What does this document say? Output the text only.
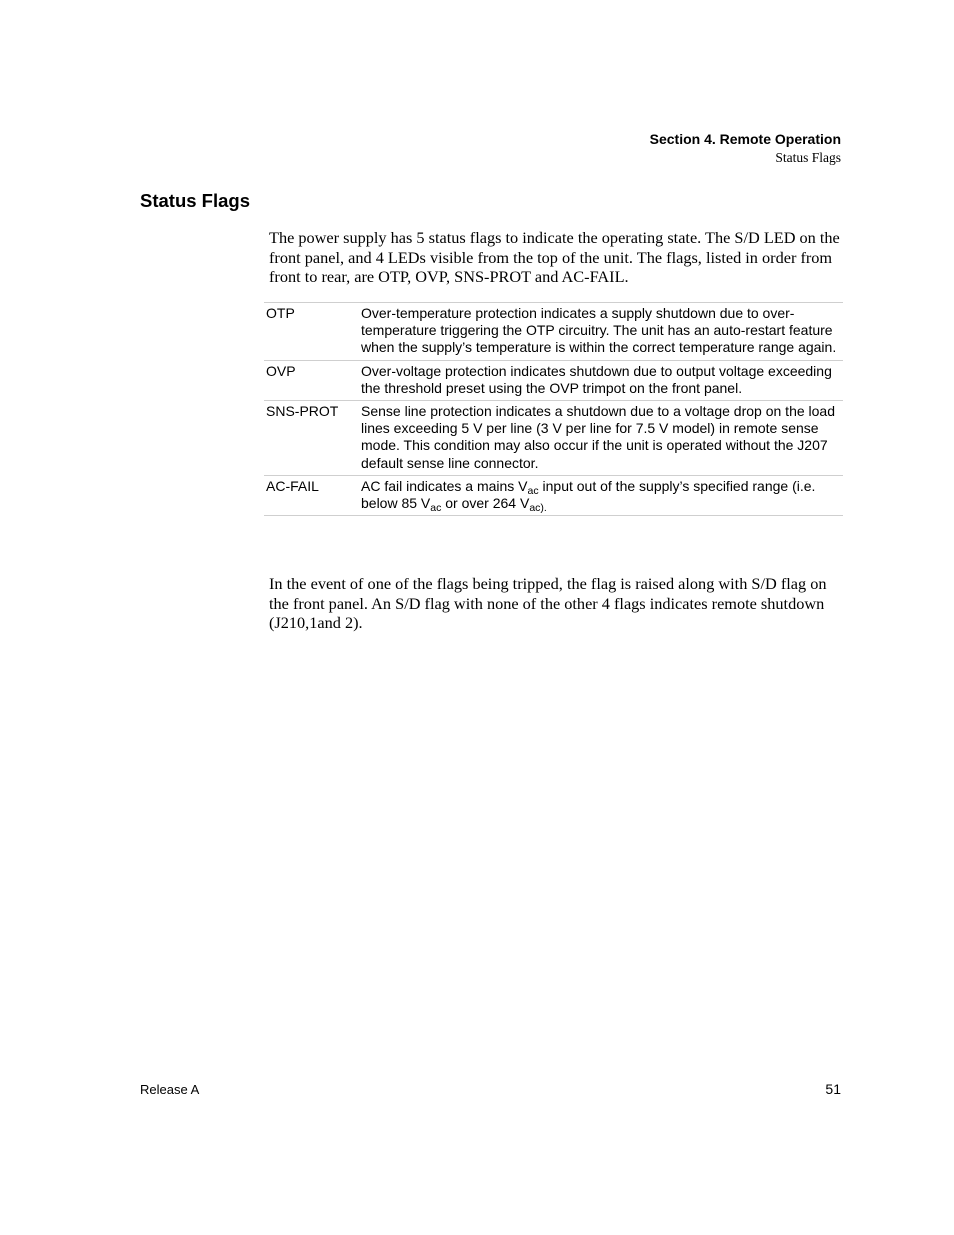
Section 4. Remote Operation
Status Flags
Status Flags

The power supply has 5 status flags to indicate the operating state. The S/D LED on the front panel, and 4 LEDs visible from the top of the unit. The flags, listed in order from front to rear, are OTP, OVP, SNS-PROT and AC-FAIL.

OTP	Over-temperature protection indicates a supply shutdown due to over-temperature triggering the OTP circuitry. The unit has an auto-restart feature when the supply’s temperature is within the correct temperature range again.
OVP	Over-voltage protection indicates shutdown due to output voltage exceeding the threshold preset using the OVP trimpot on the front panel.
SNS-PROT	Sense line protection indicates a shutdown due to a voltage drop on the load lines exceeding 5 V per line (3 V per line for 7.5 V model) in remote sense mode. This condition may also occur if the unit is operated without the J207 default sense line connector.
AC-FAIL	AC fail indicates a mains $V_{ac}$ input out of the supply’s specified range (i.e. below 85 $V_{ac}$ or over 264 $V_{ac).}$

In the event of one of the flags being tripped, the flag is raised along with S/D flag on the front panel. An S/D flag with none of the other 4 flags indicates remote shutdown (J210,1and 2).

Release A	51
